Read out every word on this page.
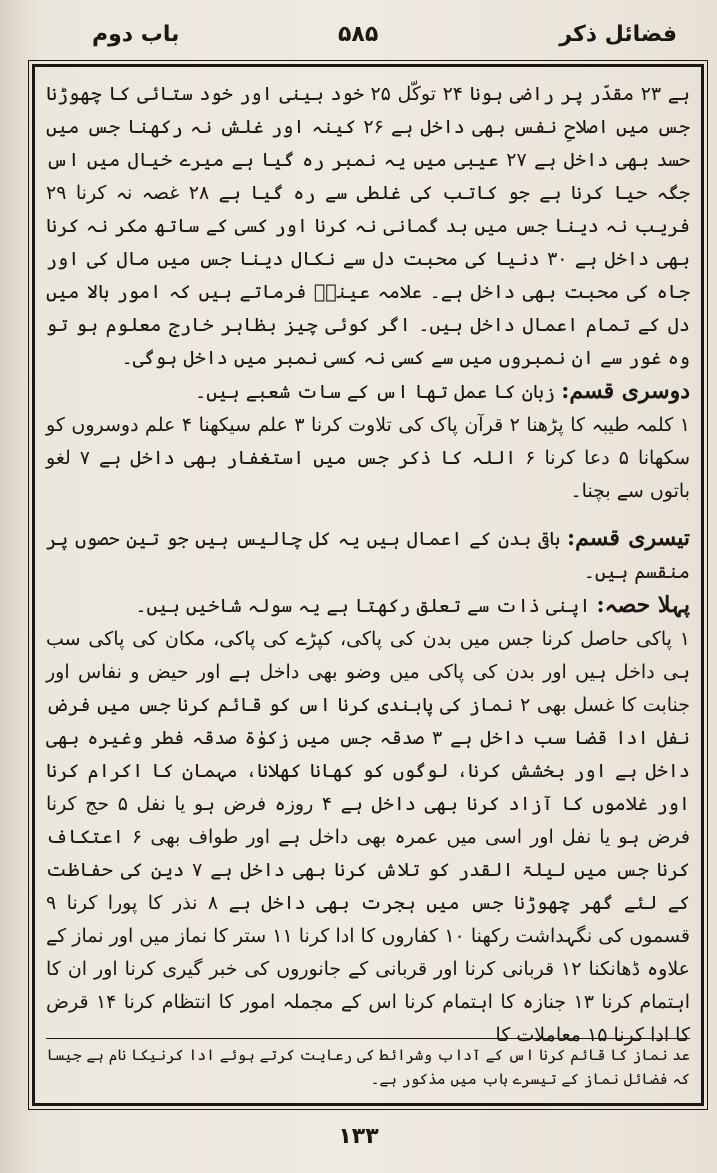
فضائل ذکر
۵۸۵
باب دوم

ہے ۲۳ مقدّر پر راضی ہونا ۲۴ توکّل ۲۵ خود بینی اور خود ستائی کا چھوڑنا جس میں اصلاحِ نفس بھی داخل ہے ۲۶ کینہ اور غلش نہ رکھنا جس میں حسد بھی داخل ہے ۲۷ عیبی میں یہ نمبر رہ گیا ہے میرے خیال میں اس جگہ حیا کرنا ہے جو کاتب کی غلطی سے رہ گیا ہے ۲۸ غصہ نہ کرنا ۲۹ فریب نہ دینا جس میں بد گمانی نہ کرنا اور کسی کے ساتھ مکر نہ کرنا بھی داخل ہے ۳۰ دنیا کی محبت دل سے نکال دینا جس میں مال کی اور جاہ کی محبت بھی داخل ہے۔ علامہ عینیؒ فرماتے ہیں کہ امور بالا میں دل کے تمام اعمال داخل ہیں۔ اگر کوئی چیز بظاہر خارج معلوم ہو تو وہ غور سے ان نمبروں میں سے کسی نہ کسی نمبر میں داخل ہوگی۔

دوسری قسم: زبان کا عمل تھا اس کے سات شعبے ہیں۔

۱ کلمہ طیبہ کا پڑھنا ۲ قرآن پاک کی تلاوت کرنا ۳ علم سیکھنا ۴ علم دوسروں کو سکھانا ۵ دعا کرنا ۶ اللہ کا ذکر جس میں استغفار بھی داخل ہے ۷ لغو باتوں سے بچنا۔

تیسری قسم: باقی بدن کے اعمال ہیں یہ کل چالیس ہیں جو تین حصوں پر منقسم ہیں۔

پہلا حصہ: اپنی ذات سے تعلق رکھتا ہے یہ سولہ شاخیں ہیں۔

۱ پاکی حاصل کرنا جس میں بدن کی پاکی، کپڑے کی پاکی، مکان کی پاکی سب ہی داخل ہیں اور بدن کی پاکی میں وضو بھی داخل ہے اور حیض و نفاس اور جنابت کا غسل بھی ۲ نماز کی پابندی کرنا اس کو قائم کرنا جس میں فرض نفل ادا قضا سب داخل ہے ۳ صدقہ جس میں زکوٰۃ صدقہ فطر وغیرہ بھی داخل ہے اور بخشش کرنا، لوگوں کو کھانا کھلانا، مہمان کا اکرام کرنا اور غلاموں کا آزاد کرنا بھی داخل ہے ۴ روزہ فرض ہو یا نفل ۵ حج کرنا فرض ہو یا نفل اور اسی میں عمرہ بھی داخل ہے اور طواف بھی ۶ اعتکاف کرنا جس میں لیلۃ القدر کو تلاش کرنا بھی داخل ہے ۷ دین کی حفاظت کے لئے گھر چھوڑنا جس میں ہجرت بھی داخل ہے ۸ نذر کا پورا کرنا ۹ قسموں کی نگہداشت رکھنا ۱۰ کفاروں کا ادا کرنا ۱۱ ستر کا نماز میں اور نماز کے علاوہ ڈھانکنا ۱۲ قربانی کرنا اور قربانی کے جانوروں کی خبر گیری کرنا اور ان کا اہتمام کرنا ۱۳ جنازہ کا اہتمام کرنا اس کے مجملہ امور کا انتظام کرنا ۱۴ قرض کا ادا کرنا ۱۵ معاملات کا

عد نماز کا قائم کرنا اس کے آداب وشرائط کی رعایت کرتے ہوئے ادا کرنیکا نام ہے جیسا کہ فضائل نماز کے تیسرے باب میں مذکور ہے۔
۱۳۳
